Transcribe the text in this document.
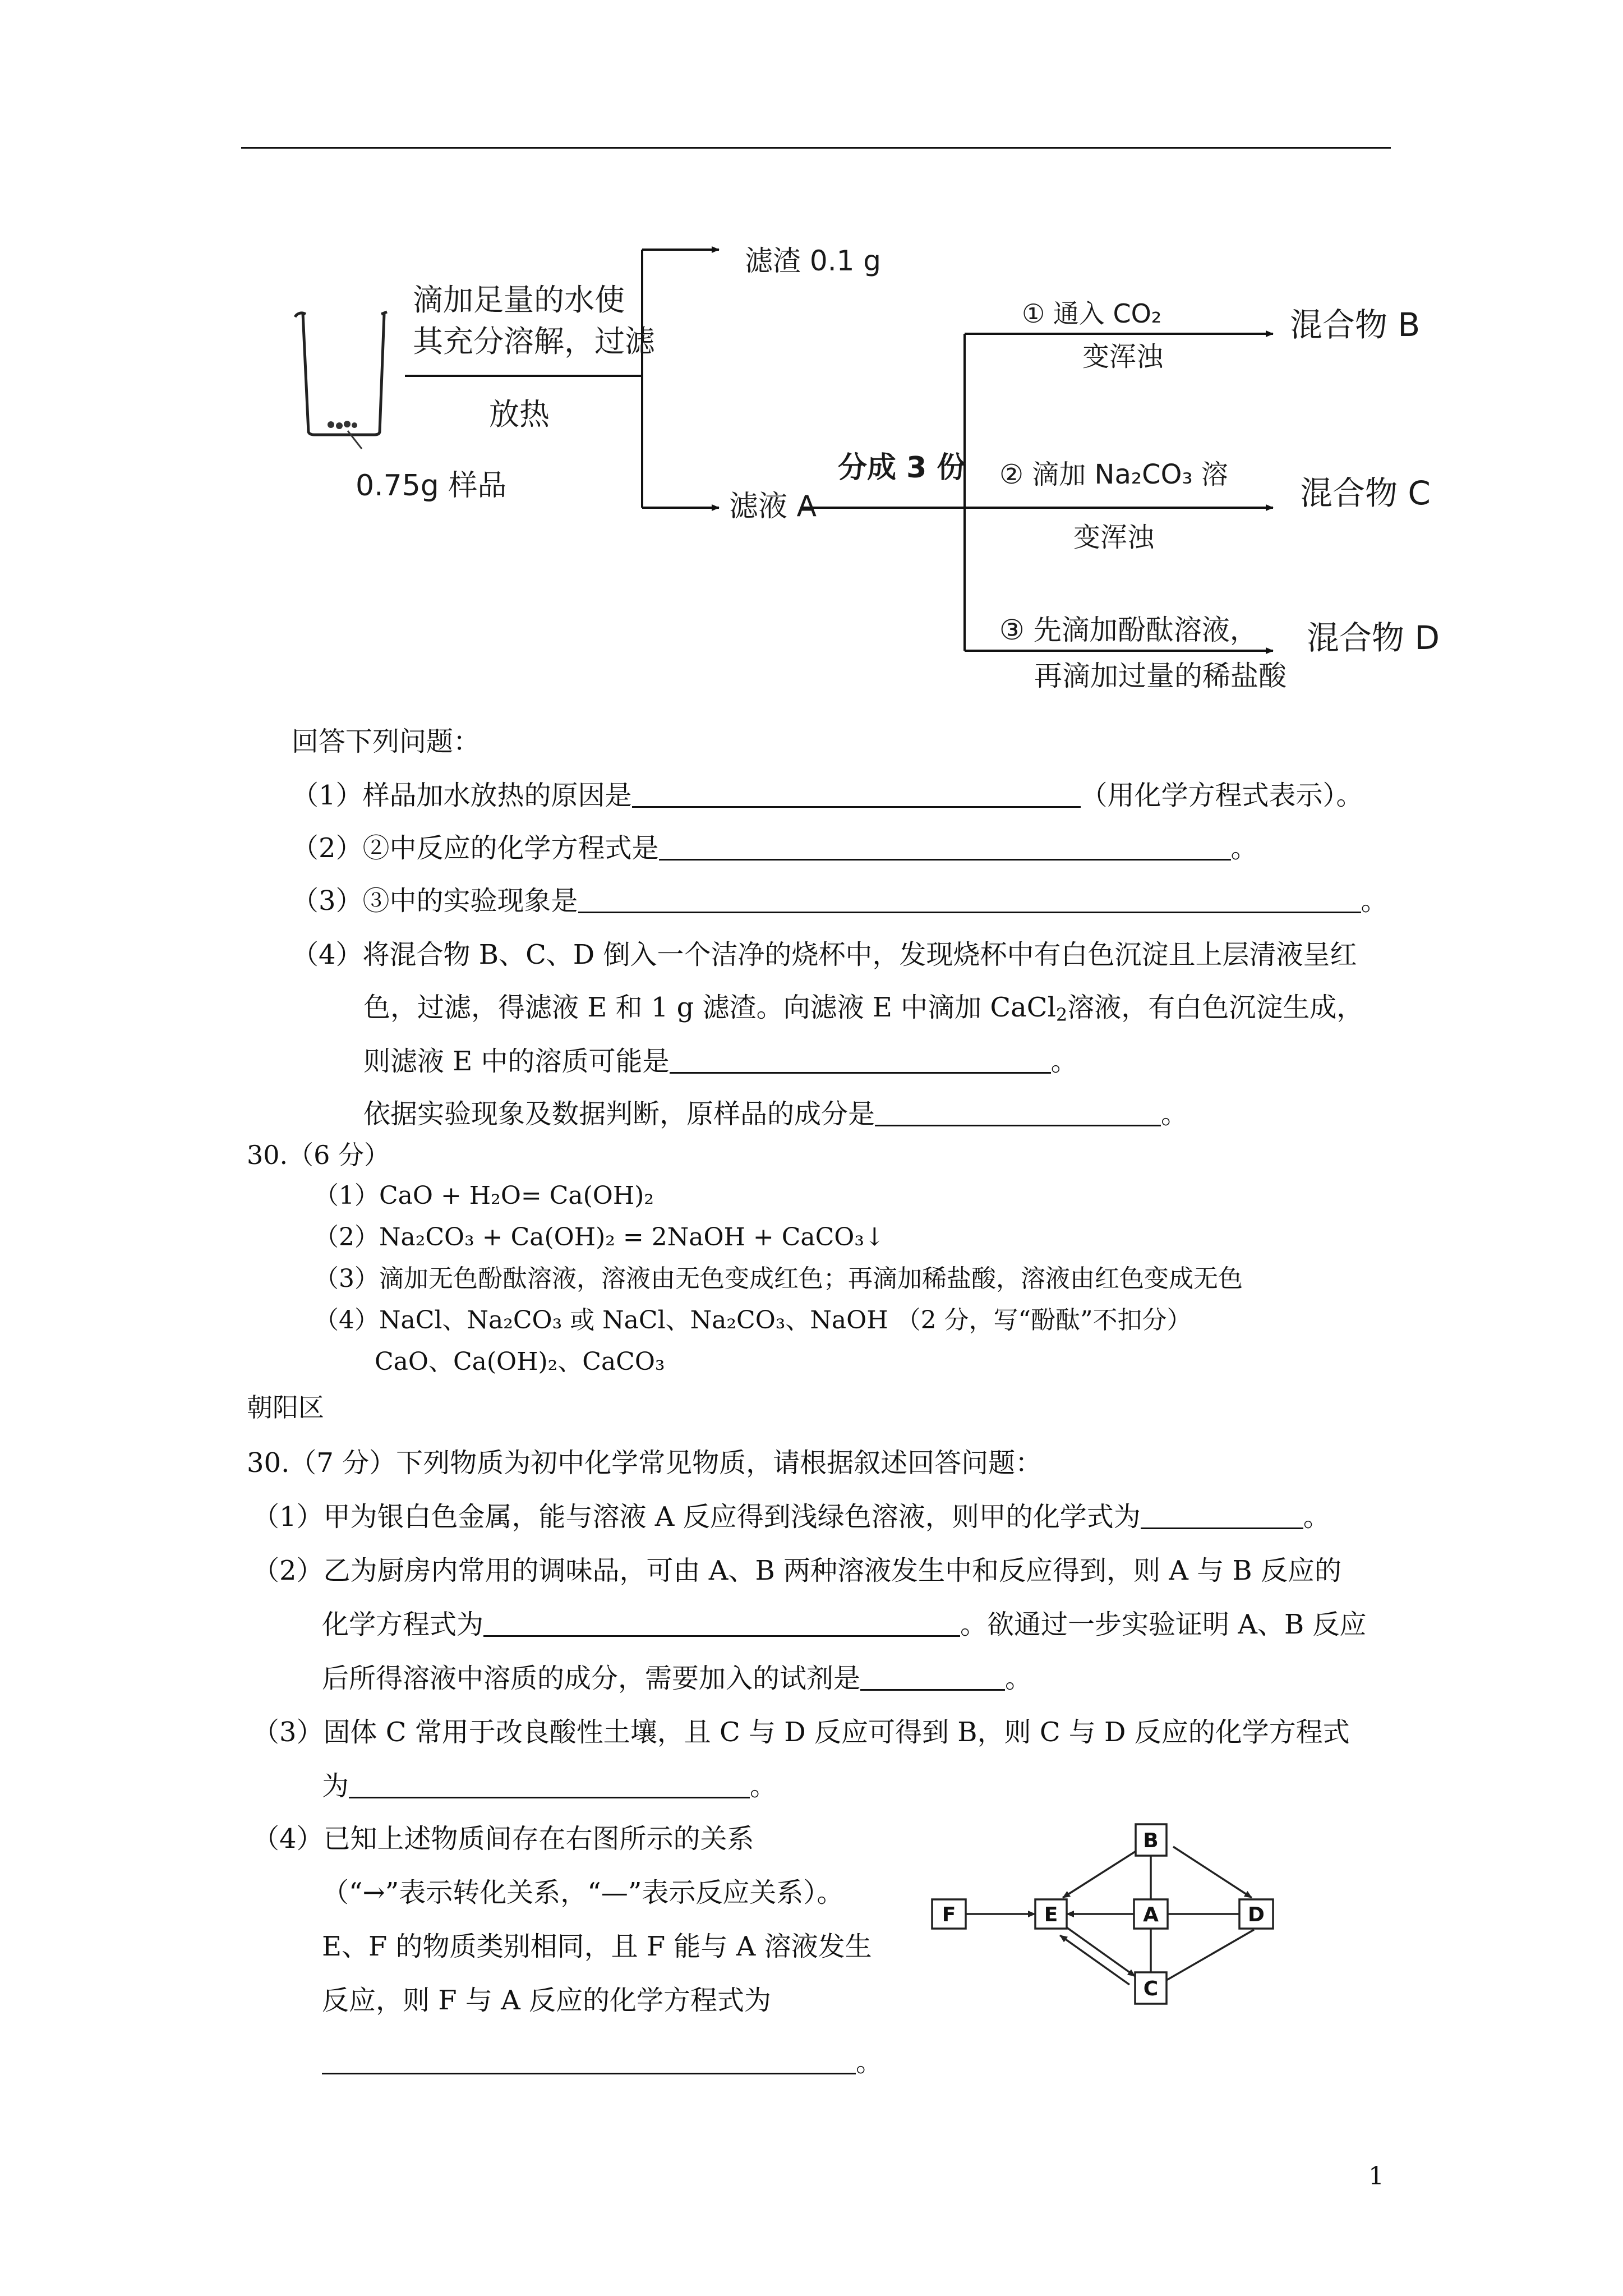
滤渣 0.1 g
滴加足量的水使
其充分溶解，过滤
放热
0.75g 样品
滤液 A
分成 3 份
① 通入 CO₂
变浑浊
混合物 B
② 滴加 Na₂CO₃ 溶
变浑浊
混合物 C
③ 先滴加酚酞溶液，
再滴加过量的稀盐酸
混合物 D
回答下列问题：
（1）样品加水放热的原因是	（用化学方程式表示）。
（2）②中反应的化学方程式是	。
（3）③中的实验现象是	。
（4）将混合物 B、C、D 倒入一个洁净的烧杯中，发现烧杯中有白色沉淀且上层清液呈红
色，过滤，得滤液 E 和 1 g 滤渣。向滤液 E 中滴加 CaCl$_2$溶液，有白色沉淀生成，
则滤液 E 中的溶质可能是	。
依据实验现象及数据判断，原样品的成分是	。
30.（6 分）
（1）CaO + H₂O= Ca(OH)₂
（2）Na₂CO₃ + Ca(OH)₂ = 2NaOH + CaCO₃↓
（3）滴加无色酚酞溶液，溶液由无色变成红色；再滴加稀盐酸，溶液由红色变成无色
（4）NaCl、Na₂CO₃ 或 NaCl、Na₂CO₃、NaOH （2 分，写“酚酞”不扣分）
CaO、Ca(OH)₂、CaCO₃
朝阳区
30.（7 分）下列物质为初中化学常见物质，请根据叙述回答问题：
（1）甲为银白色金属，能与溶液 A 反应得到浅绿色溶液，则甲的化学式为	。
（2）乙为厨房内常用的调味品，可由 A、B 两种溶液发生中和反应得到，则 A 与 B 反应的
化学方程式为	。欲通过一步实验证明 A、B 反应
后所得溶液中溶质的成分，需要加入的试剂是	。
（3）固体 C 常用于改良酸性土壤，且 C 与 D 反应可得到 B，则 C 与 D 反应的化学方程式
为	。
（4）已知上述物质间存在右图所示的关系
（“→”表示转化关系，“—”表示反应关系）。
E、F 的物质类别相同，且 F 能与 A 溶液发生
反应，则 F 与 A 反应的化学方程式为
。
B
F	E	A	D
C
1
